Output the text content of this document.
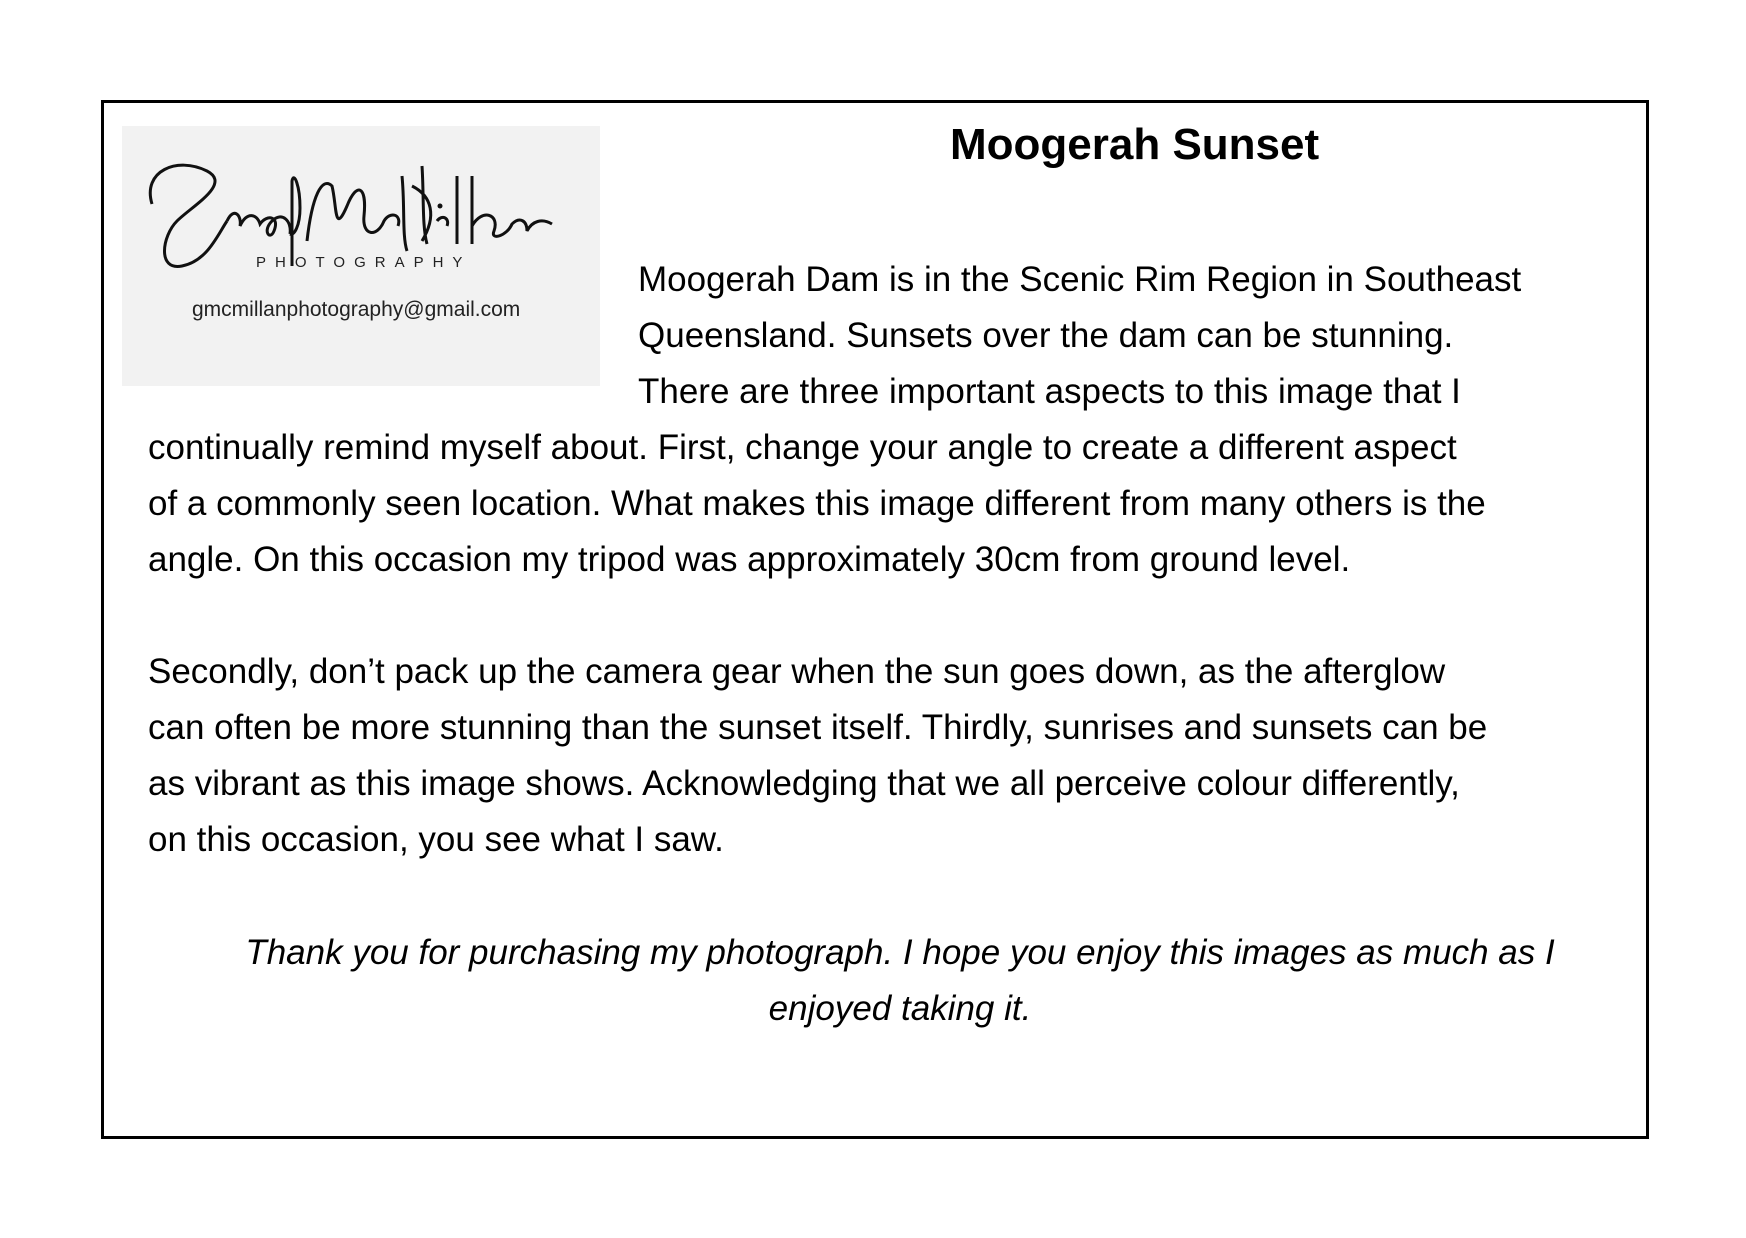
PHOTOGRAPHY
gmcmillanphotography@gmail.com
Moogerah Sunset
Moogerah Dam is in the Scenic Rim Region in Southeast
Queensland. Sunsets over the dam can be stunning.
There are three important aspects to this image that I
continually remind myself about. First, change your angle to create a different aspect
of a commonly seen location. What makes this image different from many others is the
angle. On this occasion my tripod was approximately 30cm from ground level.
Secondly, don’t pack up the camera gear when the sun goes down, as the afterglow
can often be more stunning than the sunset itself. Thirdly, sunrises and sunsets can be
as vibrant as this image shows. Acknowledging that we all perceive colour differently,
on this occasion, you see what I saw.
Thank you for purchasing my photograph. I hope you enjoy this images as much as I
enjoyed taking it.
